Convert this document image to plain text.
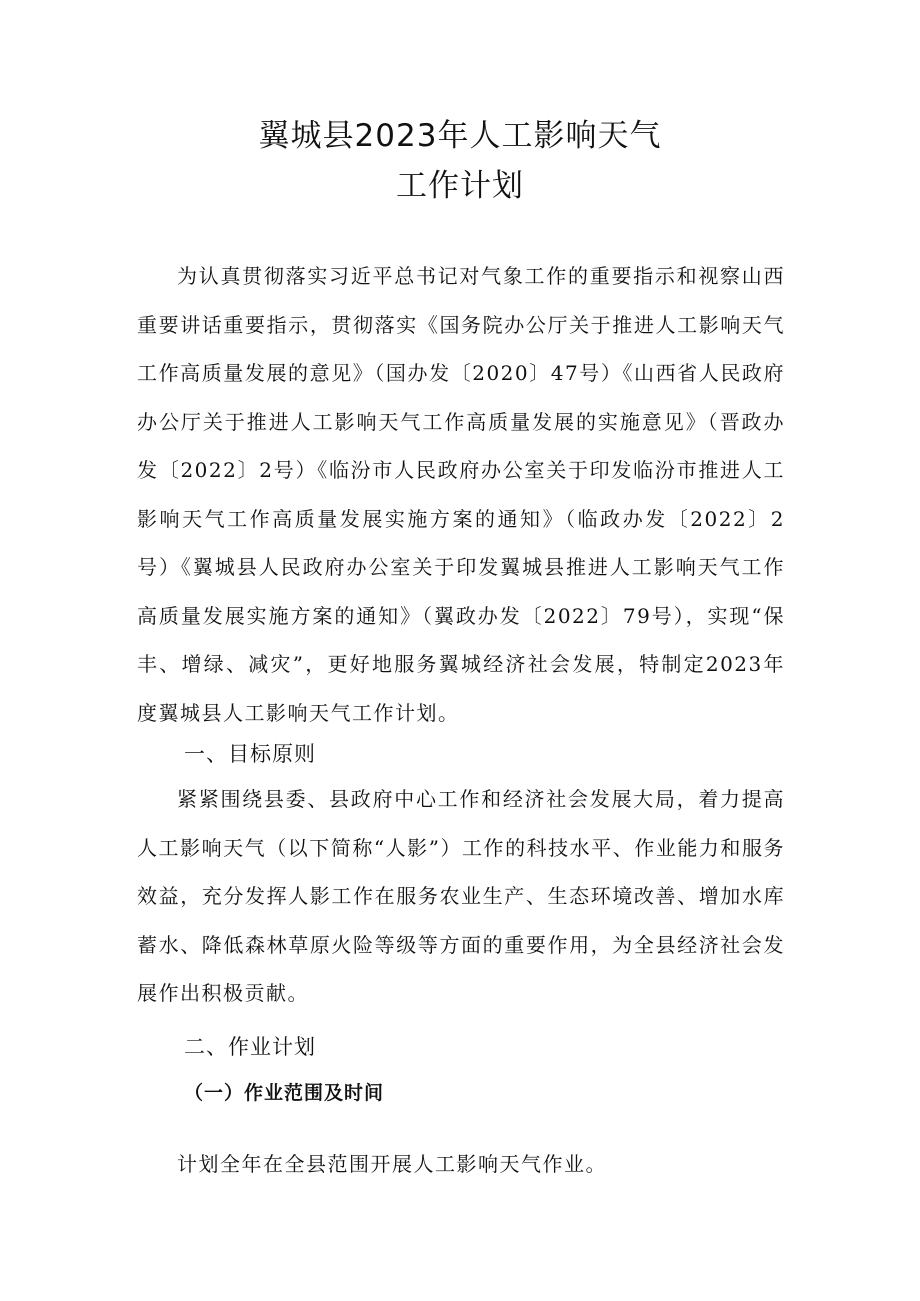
翼城县2023年人工影响天气
工作计划

为认真贯彻落实习近平总书记对气象工作的重要指示和视察山西重要讲话重要指示，贯彻落实《国务院办公厅关于推进人工影响天气工作高质量发展的意见》（国办发〔2020〕47号）《山西省人民政府办公厅关于推进人工影响天气工作高质量发展的实施意见》（晋政办发〔2022〕2号）《临汾市人民政府办公室关于印发临汾市推进人工影响天气工作高质量发展实施方案的通知》（临政办发〔2022〕2号）《翼城县人民政府办公室关于印发翼城县推进人工影响天气工作高质量发展实施方案的通知》（翼政办发〔2022〕79号），实现“保丰、增绿、减灾”，更好地服务翼城经济社会发展，特制定2023年度翼城县人工影响天气工作计划。

一、目标原则

紧紧围绕县委、县政府中心工作和经济社会发展大局，着力提高人工影响天气（以下简称“人影”）工作的科技水平、作业能力和服务效益，充分发挥人影工作在服务农业生产、生态环境改善、增加水库蓄水、降低森林草原火险等级等方面的重要作用，为全县经济社会发展作出积极贡献。

二、作业计划
（一）作业范围及时间

计划全年在全县范围开展人工影响天气作业。
